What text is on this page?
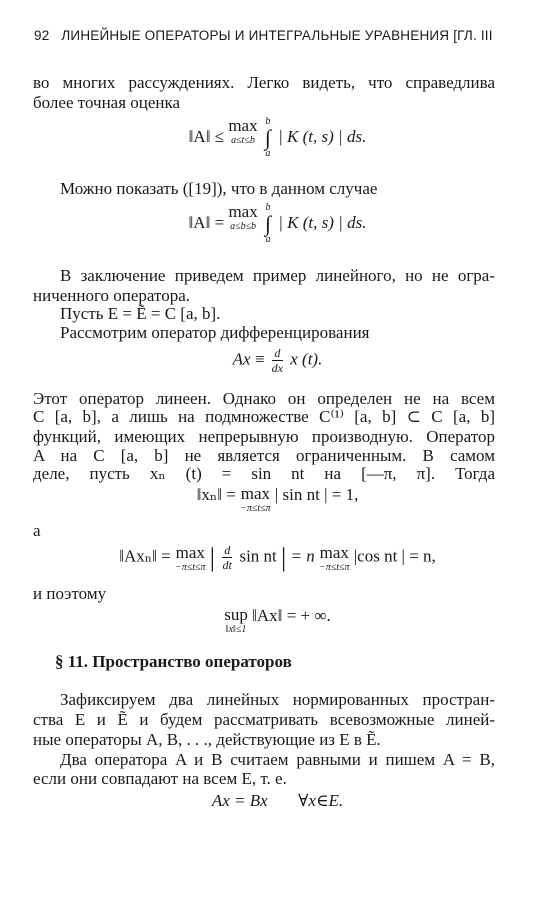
92 ЛИНЕЙНЫЕ ОПЕРАТОРЫ И ИНТЕГРАЛЬНЫЕ УРАВНЕНИЯ [ГЛ. III
во многих рассуждениях. Легко видеть, что справедлива
более точная оценка
‖A‖ ≤ max
a≤t≤b

b
∫
a
| K (t, s) | ds.
Можно показать ([19]), что в данном случае
‖A‖ = max
a≤b≤b

b
∫
a
| K (t, s) | ds.
В заключение приведем пример линейного, но не огра-
ниченного оператора.
Пусть E = Ẽ = C [a, b].
Рассмотрим оператор дифференцирования
$Ax \equiv \frac{d}{dx}$ x (t).
Этот оператор линеен. Однако он определен не на всем
C [a, b], а лишь на подмножестве C⁽¹⁾ [a, b] ⊂ C [a, b]
функций, имеющих непрерывную производную. Оператор
A на C [a, b] не является ограниченным. В самом
деле, пусть xₙ (t) = sin nt на [—π, π]. Тогда
‖xₙ‖ = max
−π≤t≤π
| sin nt | = 1,
а
‖Axₙ‖ = max
−π≤t≤π | $\frac{d}{dt}$ sin nt | = n max
−π≤t≤π
|cos nt | = n,
и поэтому
sup
‖x‖≤1
‖Ax‖ = + ∞.
§ 11. Пространство операторов
Зафиксируем два линейных нормированных простран-
ства E и Ẽ и будем рассматривать всевозможные линей-
ные операторы A, B, . . ., действующие из E в Ẽ.
Два оператора A и B считаем равными и пишем A = B,
если они совпадают на всем E, т. е.
Ax = Bx ∀x∈E.
